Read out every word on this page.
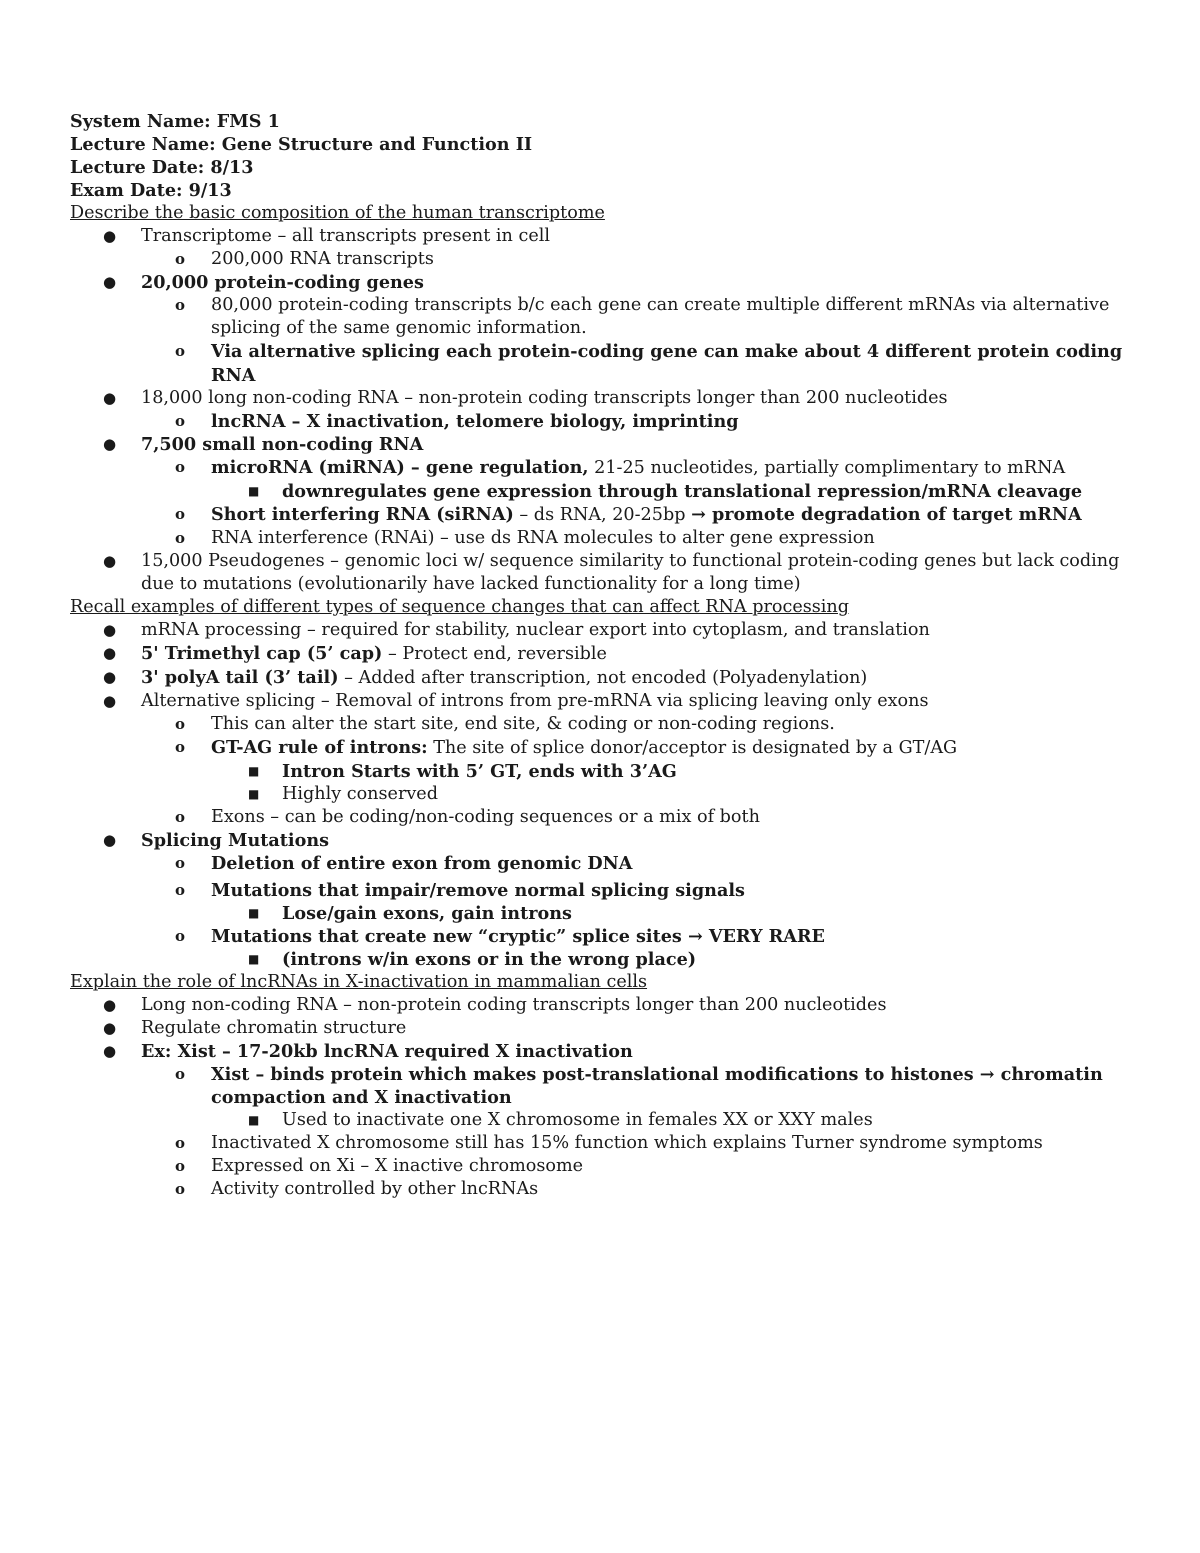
System Name: FMS 1
Lecture Name: Gene Structure and Function II
Lecture Date: 8/13
Exam Date: 9/13
Describe the basic composition of the human transcriptome
● Transcriptome – all transcripts present in cell
o 200,000 RNA transcripts
● 20,000 protein-coding genes
o 80,000 protein-coding transcripts b/c each gene can create multiple different mRNAs via alternative splicing of the same genomic information.
o Via alternative splicing each protein-coding gene can make about 4 different protein coding RNA
● 18,000 long non-coding RNA – non-protein coding transcripts longer than 200 nucleotides
o lncRNA – X inactivation, telomere biology, imprinting
● 7,500 small non-coding RNA
o microRNA (miRNA) – gene regulation, 21-25 nucleotides, partially complimentary to mRNA
■ downregulates gene expression through translational repression/mRNA cleavage
o Short interfering RNA (siRNA) – ds RNA, 20-25bp → promote degradation of target mRNA
o RNA interference (RNAi) – use ds RNA molecules to alter gene expression
● 15,000 Pseudogenes – genomic loci w/ sequence similarity to functional protein-coding genes but lack coding due to mutations (evolutionarily have lacked functionality for a long time)
Recall examples of different types of sequence changes that can affect RNA processing
● mRNA processing – required for stability, nuclear export into cytoplasm, and translation
● 5' Trimethyl cap (5’ cap) – Protect end, reversible
● 3' polyA tail (3’ tail) – Added after transcription, not encoded (Polyadenylation)
● Alternative splicing – Removal of introns from pre-mRNA via splicing leaving only exons
o This can alter the start site, end site, & coding or non-coding regions.
o GT-AG rule of introns: The site of splice donor/acceptor is designated by a GT/AG
■ Intron Starts with 5’ GT, ends with 3’AG
■ Highly conserved
o Exons – can be coding/non-coding sequences or a mix of both
● Splicing Mutations
o Deletion of entire exon from genomic DNA
o Mutations that impair/remove normal splicing signals
■ Lose/gain exons, gain introns
o Mutations that create new “cryptic” splice sites → VERY RARE
■ (introns w/in exons or in the wrong place)
Explain the role of lncRNAs in X-inactivation in mammalian cells
● Long non-coding RNA – non-protein coding transcripts longer than 200 nucleotides
● Regulate chromatin structure
● Ex: Xist – 17-20kb lncRNA required X inactivation
o Xist – binds protein which makes post-translational modifications to histones → chromatin compaction and X inactivation
■ Used to inactivate one X chromosome in females XX or XXY males
o Inactivated X chromosome still has 15% function which explains Turner syndrome symptoms
o Expressed on Xi – X inactive chromosome
o Activity controlled by other lncRNAs
